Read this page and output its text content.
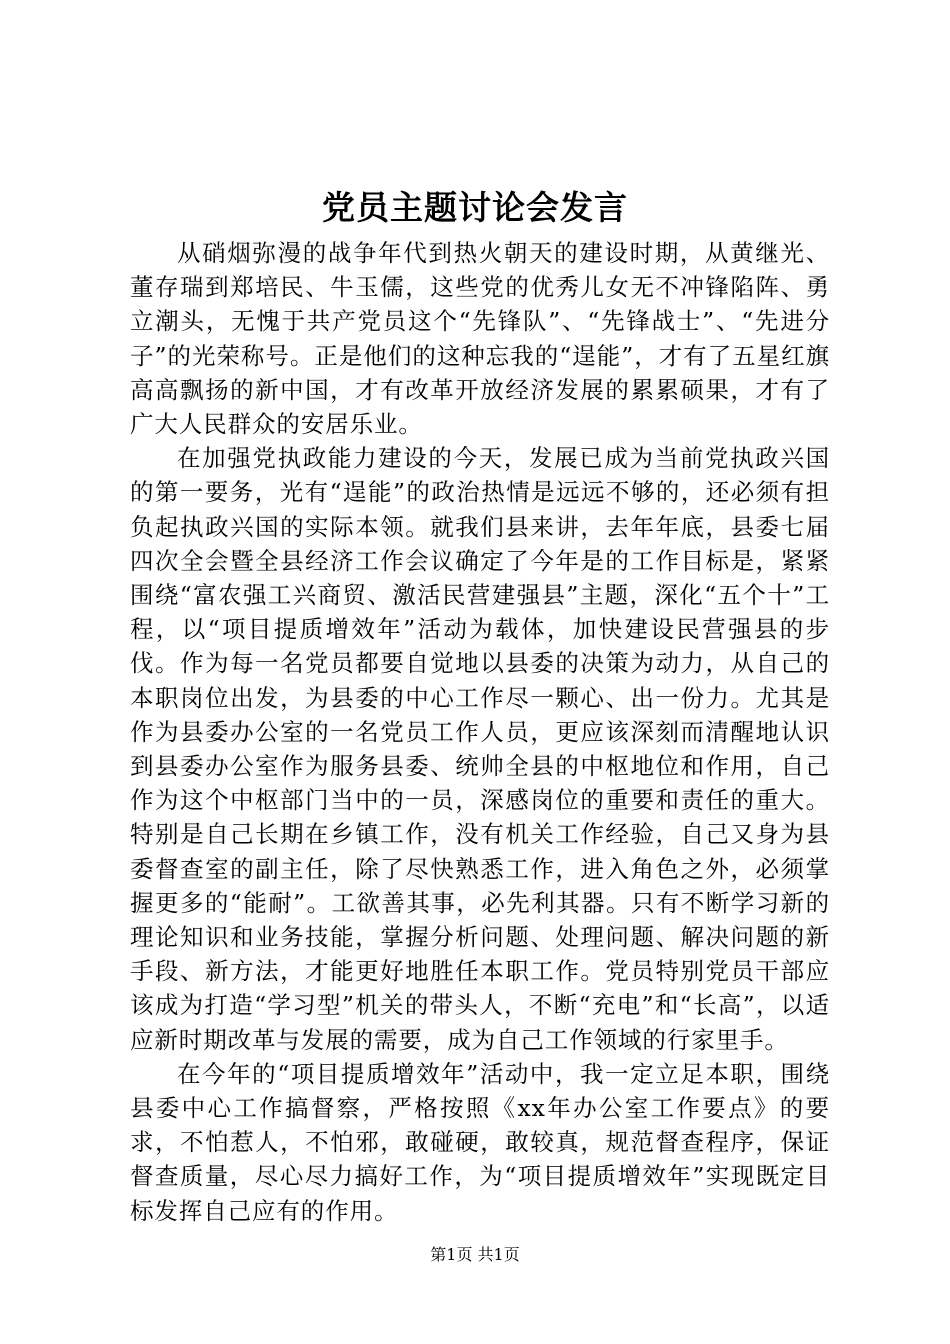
党员主题讨论会发言

从硝烟弥漫的战争年代到热火朝天的建设时期，从黄继光、董存瑞到郑培民、牛玉儒，这些党的优秀儿女无不冲锋陷阵、勇立潮头，无愧于共产党员这个“先锋队”、“先锋战士”、“先进分子”的光荣称号。正是他们的这种忘我的“逞能”，才有了五星红旗高高飘扬的新中国，才有改革开放经济发展的累累硕果，才有了广大人民群众的安居乐业。

在加强党执政能力建设的今天，发展已成为当前党执政兴国的第一要务，光有“逞能”的政治热情是远远不够的，还必须有担负起执政兴国的实际本领。就我们县来讲，去年年底，县委七届四次全会暨全县经济工作会议确定了今年是的工作目标是，紧紧围绕“富农强工兴商贸、激活民营建强县”主题，深化“五个十”工程，以“项目提质增效年”活动为载体，加快建设民营强县的步伐。作为每一名党员都要自觉地以县委的决策为动力，从自己的本职岗位出发，为县委的中心工作尽一颗心、出一份力。尤其是作为县委办公室的一名党员工作人员，更应该深刻而清醒地认识到县委办公室作为服务县委、统帅全县的中枢地位和作用，自己作为这个中枢部门当中的一员，深感岗位的重要和责任的重大。特别是自己长期在乡镇工作，没有机关工作经验，自己又身为县委督查室的副主任，除了尽快熟悉工作，进入角色之外，必须掌握更多的“能耐”。工欲善其事，必先利其器。只有不断学习新的理论知识和业务技能，掌握分析问题、处理问题、解决问题的新手段、新方法，才能更好地胜任本职工作。党员特别党员干部应该成为打造“学习型”机关的带头人，不断“充电”和“长高”，以适应新时期改革与发展的需要，成为自己工作领域的行家里手。

在今年的“项目提质增效年”活动中，我一定立足本职，围绕县委中心工作搞督察，严格按照《xx年办公室工作要点》的要求，不怕惹人，不怕邪，敢碰硬，敢较真，规范督查程序，保证督查质量，尽心尽力搞好工作，为“项目提质增效年”实现既定目标发挥自己应有的作用。

第1页 共1页
